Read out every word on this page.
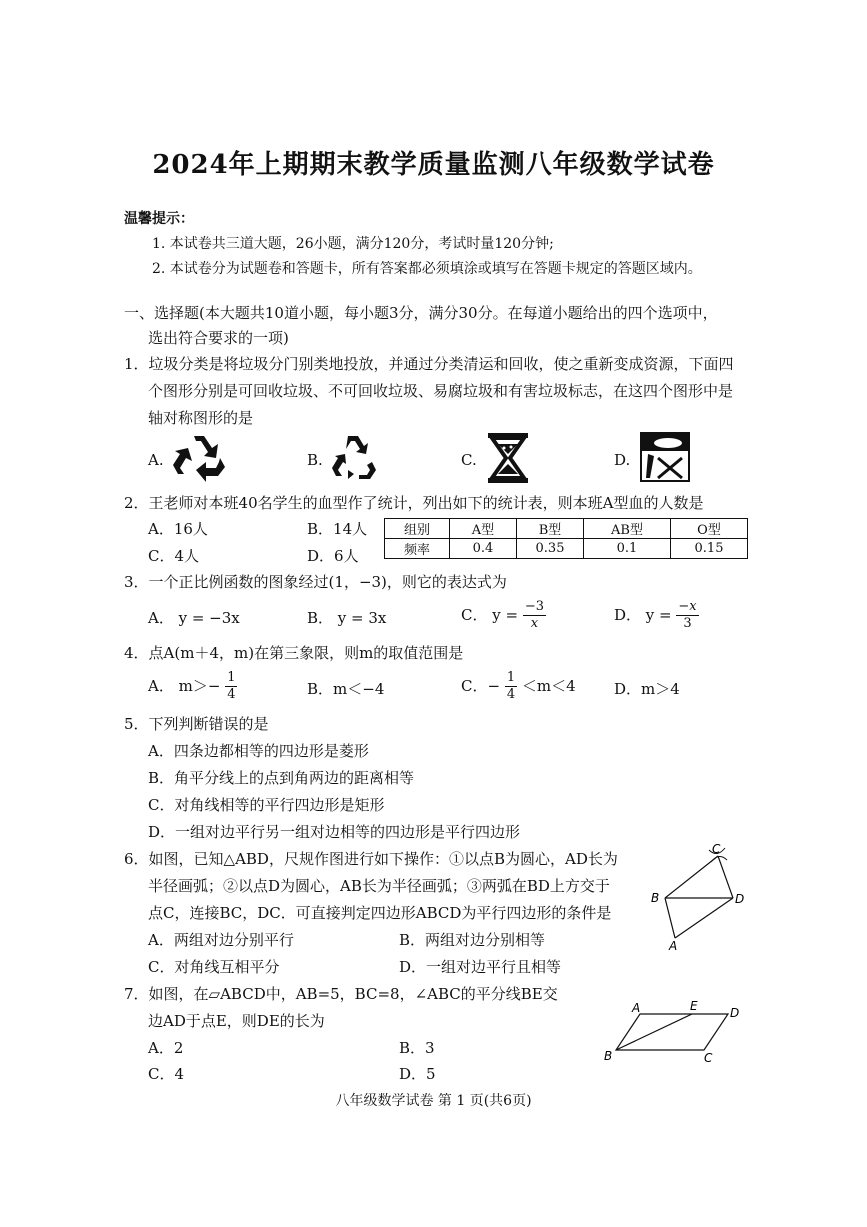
2024年上期期末教学质量监测八年级数学试卷
温馨提示：
1. 本试卷共三道大题，26小题，满分120分，考试时量120分钟;
2. 本试卷分为试题卷和答题卡，所有答案都必须填涂或填写在答题卡规定的答题区域内。
一、选择题(本大题共10道小题，每小题3分，满分30分。在每道小题给出的四个选项中，
选出符合要求的一项)
1．垃圾分类是将垃圾分门别类地投放，并通过分类清运和回收，使之重新变成资源，下面四
个图形分别是可回收垃圾、不可回收垃圾、易腐垃圾和有害垃圾标志，在这四个图形中是
轴对称图形的是
A.	B.	C.	D.
2．王老师对本班40名学生的血型作了统计，列出如下的统计表，则本班A型血的人数是
A．16人	B．14人
C．4人	D．6人
组别	A型	B型	AB型	O型
频率	0.4	0.35	0.1	0.15
3．一个正比例函数的图象经过(1，−3)，则它的表达式为
A． y = −3x	B． y = 3x	C． $y = \frac{-3}{x}$	D． $y = \frac{-x}{3}$
4．点A(m＋4，m)在第三象限，则m的取值范围是
A． $m>- \frac{1}{4}$	B．m＜−4	C．− $\frac{1}{4} <m<4$	D．m＞4
5．下列判断错误的是
A．四条边都相等的四边形是菱形
B．角平分线上的点到角两边的距离相等
C．对角线相等的平行四边形是矩形
D．一组对边平行另一组对边相等的四边形是平行四边形
6．如图，已知△ABD，尺规作图进行如下操作：①以点B为圆心，AD长为
半径画弧；②以点D为圆心，AB长为半径画弧；③两弧在BD上方交于
点C，连接BC，DC．可直接判定四边形ABCD为平行四边形的条件是
A．两组对边分别平行	B．两组对边分别相等
C．对角线互相平分	D．一组对边平行且相等
C
B	D
A
7．如图，在▱ABCD中，AB=5，BC=8，∠ABC的平分线BE交
边AD于点E，则DE的长为
A．2	B．3
C．4	D．5
A	E	D
B	C
八年级数学试卷 第 1 页(共6页)
